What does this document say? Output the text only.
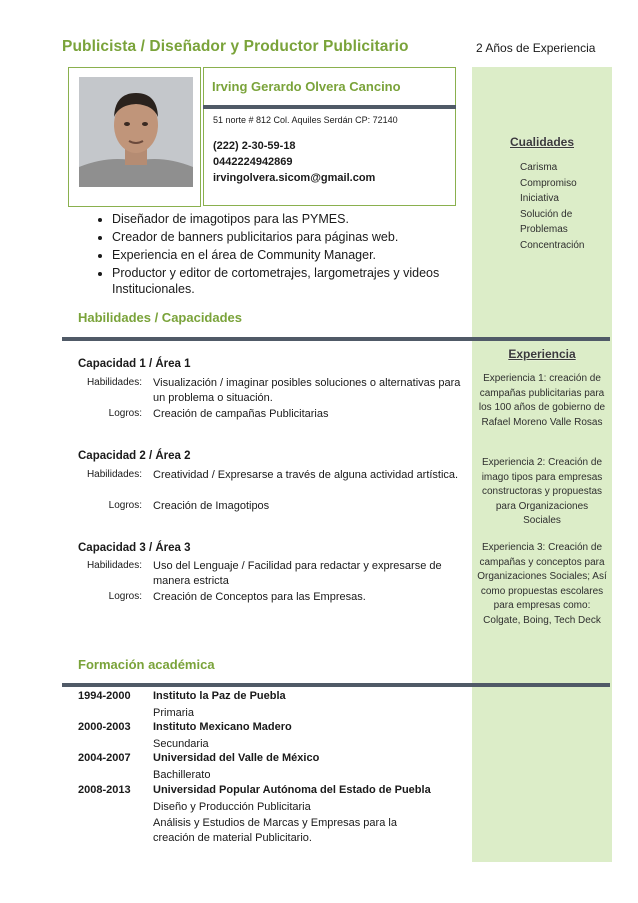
Publicista / Diseñador y Productor Publicitario	2 Años de Experiencia
Irving Gerardo Olvera Cancino
51 norte # 812 Col. Aquiles Serdán CP: 72140
(222) 2-30-59-18
0442224942869
irvingolvera.sicom@gmail.com
• Diseñador de imagotipos para las PYMES.
• Creador de banners publicitarios para páginas web.
• Experiencia en el área de Community Manager.
• Productor y editor de cortometrajes, largometrajes y videos Institucionales.
Cualidades
Carisma
Compromiso
Iniciativa
Solución de
Problemas
Concentración
Habilidades / Capacidades
Experiencia
Capacidad 1 / Área 1
Habilidades: Visualización / imaginar posibles soluciones o alternativas para un problema o situación.
Logros: Creación de campañas Publicitarias
Capacidad 2 / Área 2
Habilidades: Creatividad / Expresarse a través de alguna actividad artística.
Logros: Creación de Imagotipos
Capacidad 3 / Área 3
Habilidades: Uso del Lenguaje / Facilidad para redactar y expresarse de manera estricta
Logros: Creación de Conceptos para las Empresas.
Experiencia 1: creación de campañas publicitarias para los 100 años de gobierno de Rafael Moreno Valle Rosas
Experiencia 2: Creación de imago tipos para empresas constructoras y propuestas para Organizaciones Sociales
Experiencia 3: Creación de campañas y conceptos para Organizaciones Sociales; Así como propuestas escolares para empresas como: Colgate, Boing, Tech Deck
Formación académica
1994-2000 Instituto la Paz de Puebla
Primaria
2000-2003 Instituto Mexicano Madero
Secundaria
2004-2007 Universidad del Valle de México
Bachillerato
2008-2013 Universidad Popular Autónoma del Estado de Puebla
Diseño y Producción Publicitaria
Análisis y Estudios de Marcas y Empresas para la creación de material Publicitario.
